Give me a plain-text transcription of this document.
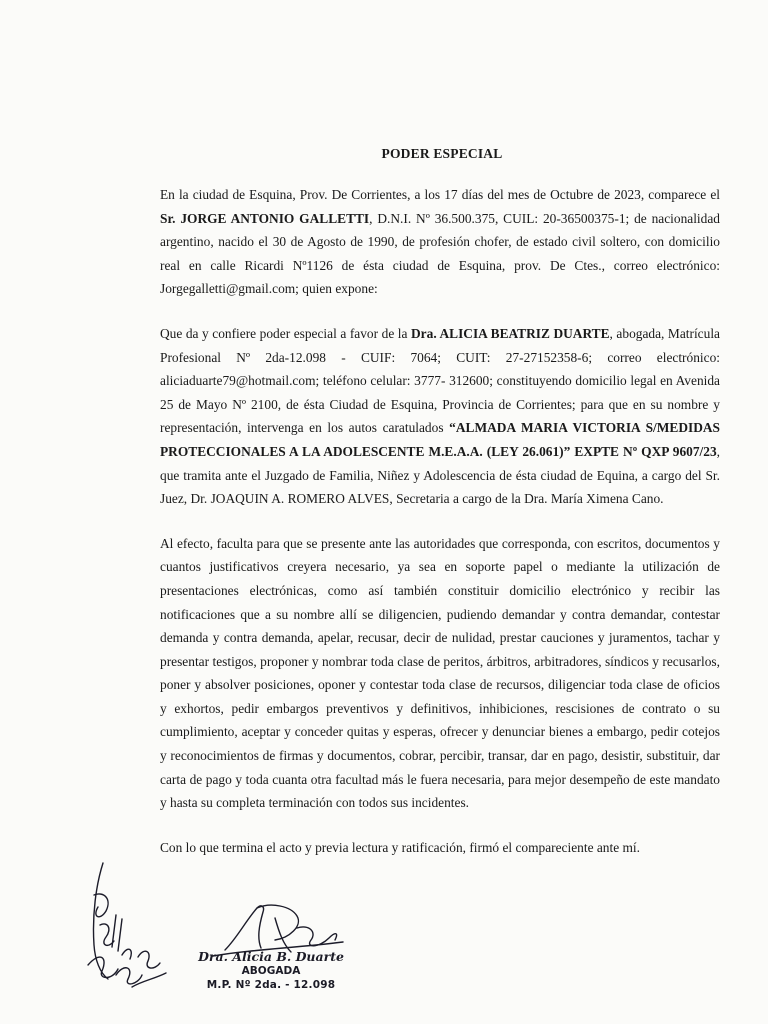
PODER ESPECIAL

En la ciudad de Esquina, Prov. De Corrientes, a los 17 días del mes de Octubre de 2023, comparece el Sr. JORGE ANTONIO GALLETTI, D.N.I. Nº 36.500.375, CUIL: 20-36500375-1; de nacionalidad argentino, nacido el 30 de Agosto de 1990, de profesión chofer, de estado civil soltero, con domicilio real en calle Ricardi Nº1126 de ésta ciudad de Esquina, prov. De Ctes., correo electrónico: Jorgegalletti@gmail.com; quien expone:

Que da y confiere poder especial a favor de la Dra. ALICIA BEATRIZ DUARTE, abogada, Matrícula Profesional Nº 2da-12.098 - CUIF: 7064; CUIT: 27-27152358-6; correo electrónico: aliciaduarte79@hotmail.com; teléfono celular: 3777- 312600; constituyendo domicilio legal en Avenida 25 de Mayo Nº 2100, de ésta Ciudad de Esquina, Provincia de Corrientes; para que en su nombre y representación, intervenga en los autos caratulados “ALMADA MARIA VICTORIA S/MEDIDAS PROTECCIONALES A LA ADOLESCENTE M.E.A.A. (LEY 26.061)” EXPTE Nº QXP 9607/23, que tramita ante el Juzgado de Familia, Niñez y Adolescencia de ésta ciudad de Equina, a cargo del Sr. Juez, Dr. JOAQUIN A. ROMERO ALVES, Secretaria a cargo de la Dra. María Ximena Cano.

Al efecto, faculta para que se presente ante las autoridades que corresponda, con escritos, documentos y cuantos justificativos creyera necesario, ya sea en soporte papel o mediante la utilización de presentaciones electrónicas, como así también constituir domicilio electrónico y recibir las notificaciones que a su nombre allí se diligencien, pudiendo demandar y contra demandar, contestar demanda y contra demanda, apelar, recusar, decir de nulidad, prestar cauciones y juramentos, tachar y presentar testigos, proponer y nombrar toda clase de peritos, árbitros, arbitradores, síndicos y recusarlos, poner y absolver posiciones, oponer y contestar toda clase de recursos, diligenciar toda clase de oficios y exhortos, pedir embargos preventivos y definitivos, inhibiciones, rescisiones de contrato o su cumplimiento, aceptar y conceder quitas y esperas, ofrecer y denunciar bienes a embargo, pedir cotejos y reconocimientos de firmas y documentos, cobrar, percibir, transar, dar en pago, desistir, substituir, dar carta de pago y toda cuanta otra facultad más le fuera necesaria, para mejor desempeño de este mandato y hasta su completa terminación con todos sus incidentes.

Con lo que termina el acto y previa lectura y ratificación, firmó el compareciente ante mí.

Dra. Alicia B. Duarte
ABOGADA
M.P. Nº 2da. - 12.098
